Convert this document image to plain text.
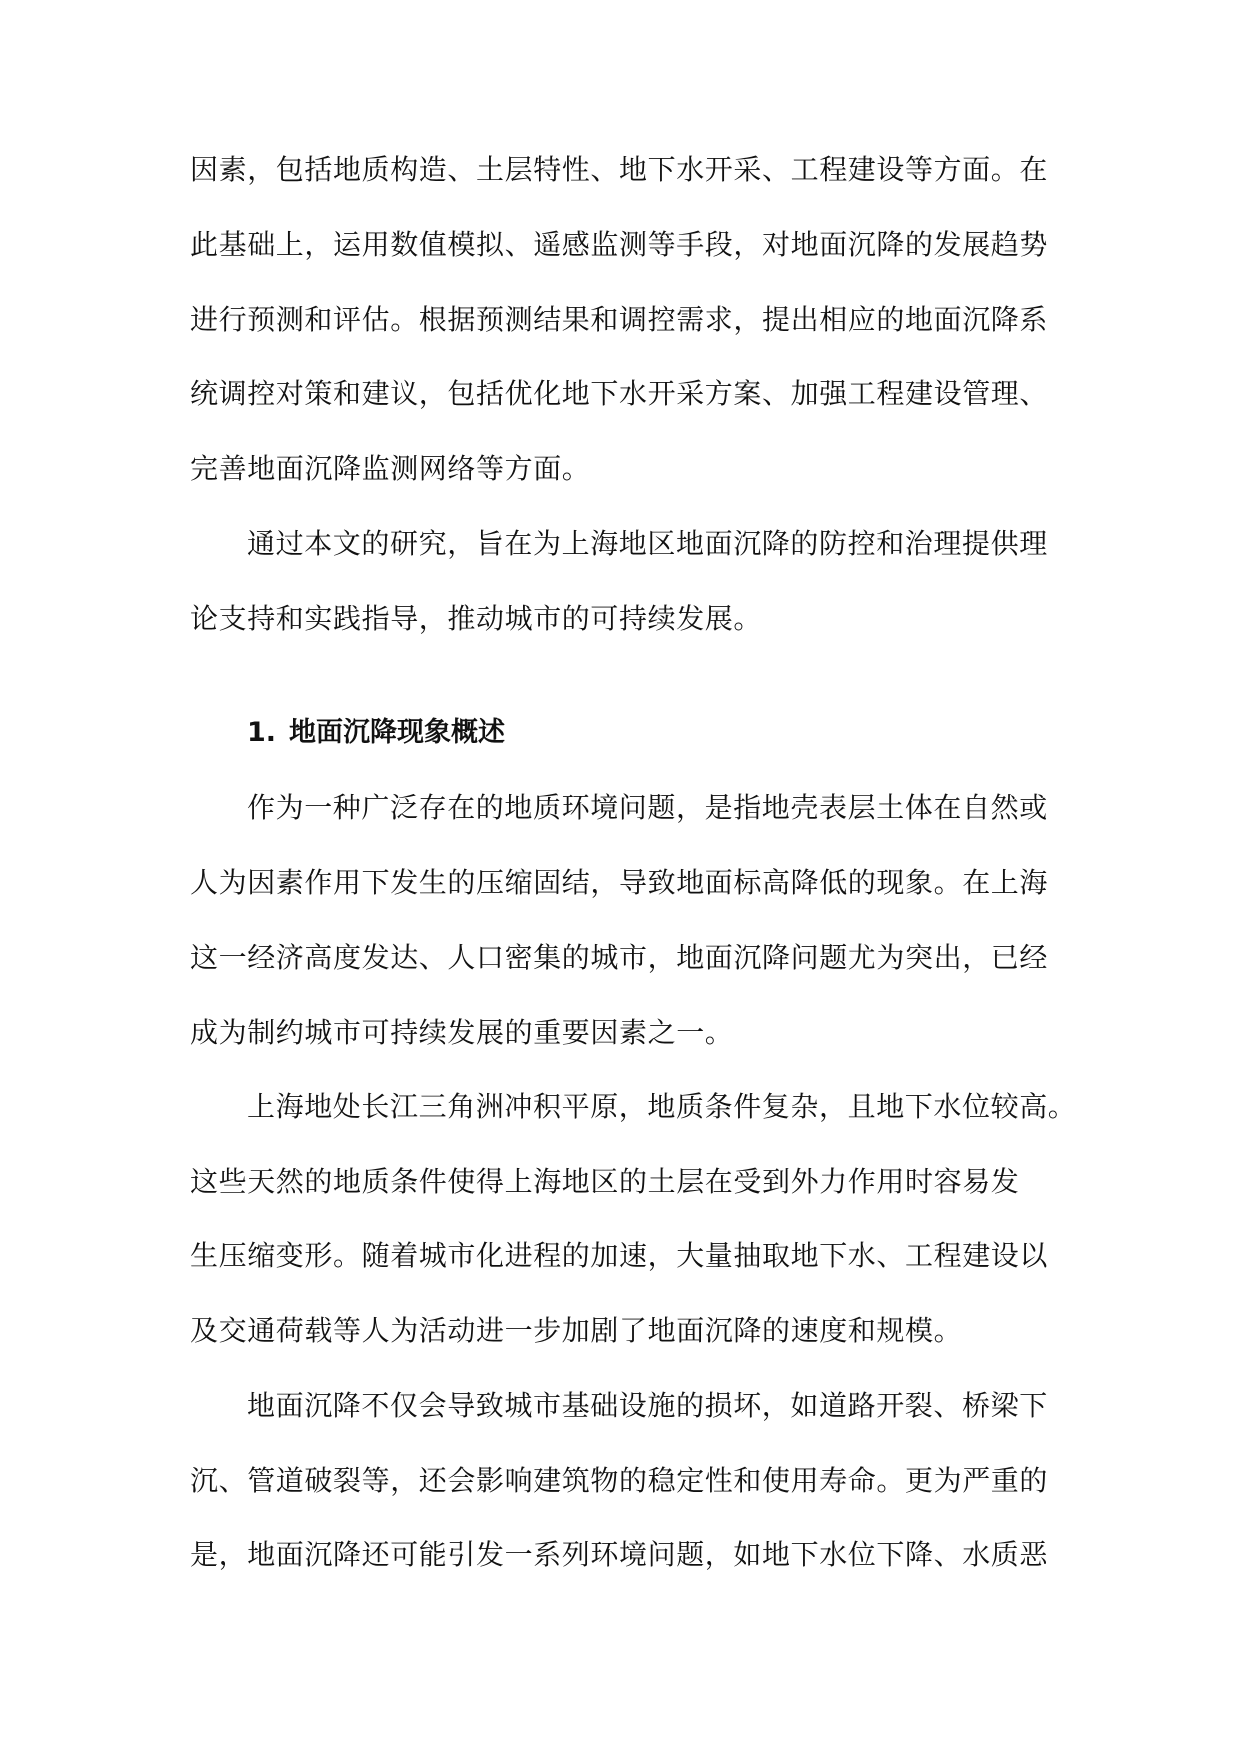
因素，包括地质构造、土层特性、地下水开采、工程建设等方面。在
此基础上，运用数值模拟、遥感监测等手段，对地面沉降的发展趋势
进行预测和评估。根据预测结果和调控需求，提出相应的地面沉降系
统调控对策和建议，包括优化地下水开采方案、加强工程建设管理、
完善地面沉降监测网络等方面。
通过本文的研究，旨在为上海地区地面沉降的防控和治理提供理
论支持和实践指导，推动城市的可持续发展。
1. 地面沉降现象概述
作为一种广泛存在的地质环境问题，是指地壳表层土体在自然或
人为因素作用下发生的压缩固结，导致地面标高降低的现象。在上海
这一经济高度发达、人口密集的城市，地面沉降问题尤为突出，已经
成为制约城市可持续发展的重要因素之一。
上海地处长江三角洲冲积平原，地质条件复杂，且地下水位较高。
这些天然的地质条件使得上海地区的土层在受到外力作用时容易发
生压缩变形。随着城市化进程的加速，大量抽取地下水、工程建设以
及交通荷载等人为活动进一步加剧了地面沉降的速度和规模。
地面沉降不仅会导致城市基础设施的损坏，如道路开裂、桥梁下
沉、管道破裂等，还会影响建筑物的稳定性和使用寿命。更为严重的
是，地面沉降还可能引发一系列环境问题，如地下水位下降、水质恶
